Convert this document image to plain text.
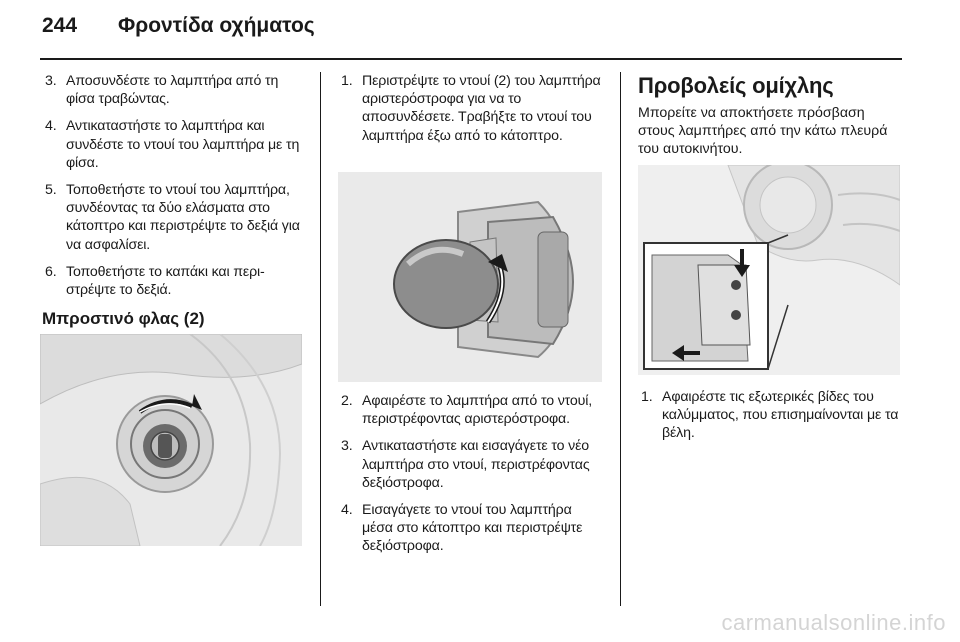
244	Φροντίδα οχήματος
3. Αποσυνδέστε το λαμπτήρα από τη φίσα τραβώντας.
4. Αντικαταστήστε το λαμπτήρα και συνδέστε το ντουί του λαμπτήρα με τη φίσα.
5. Τοποθετήστε το ντουί του λαμπτήρα, συνδέοντας τα δύο ελάσματα στο κάτοπτρο και περιστρέψτε το δεξιά για να ασφαλίσει.
6. Τοποθετήστε το καπάκι και περιστρέψτε το δεξιά.
Μπροστινό φλας (2)
1. Περιστρέψτε το ντουί (2) του λαμπτήρα αριστερόστροφα για να το αποσυνδέσετε. Τραβήξτε το ντουί του λαμπτήρα έξω από το κάτοπτρο.
2. Αφαιρέστε το λαμπτήρα από το ντουί, περιστρέφοντας αριστερόστροφα.
3. Αντικαταστήστε και εισαγάγετε το νέο λαμπτήρα στο ντουί, περιστρέφοντας δεξιόστροφα.
4. Εισαγάγετε το ντουί του λαμπτήρα μέσα στο κάτοπτρο και περιστρέψτε δεξιόστροφα.
Προβολείς ομίχλης
Μπορείτε να αποκτήσετε πρόσβαση στους λαμπτήρες από την κάτω πλευρά του αυτοκινήτου.
1. Αφαιρέστε τις εξωτερικές βίδες του καλύμματος, που επισημαίνονται με τα βέλη.
carmanualsonline.info
